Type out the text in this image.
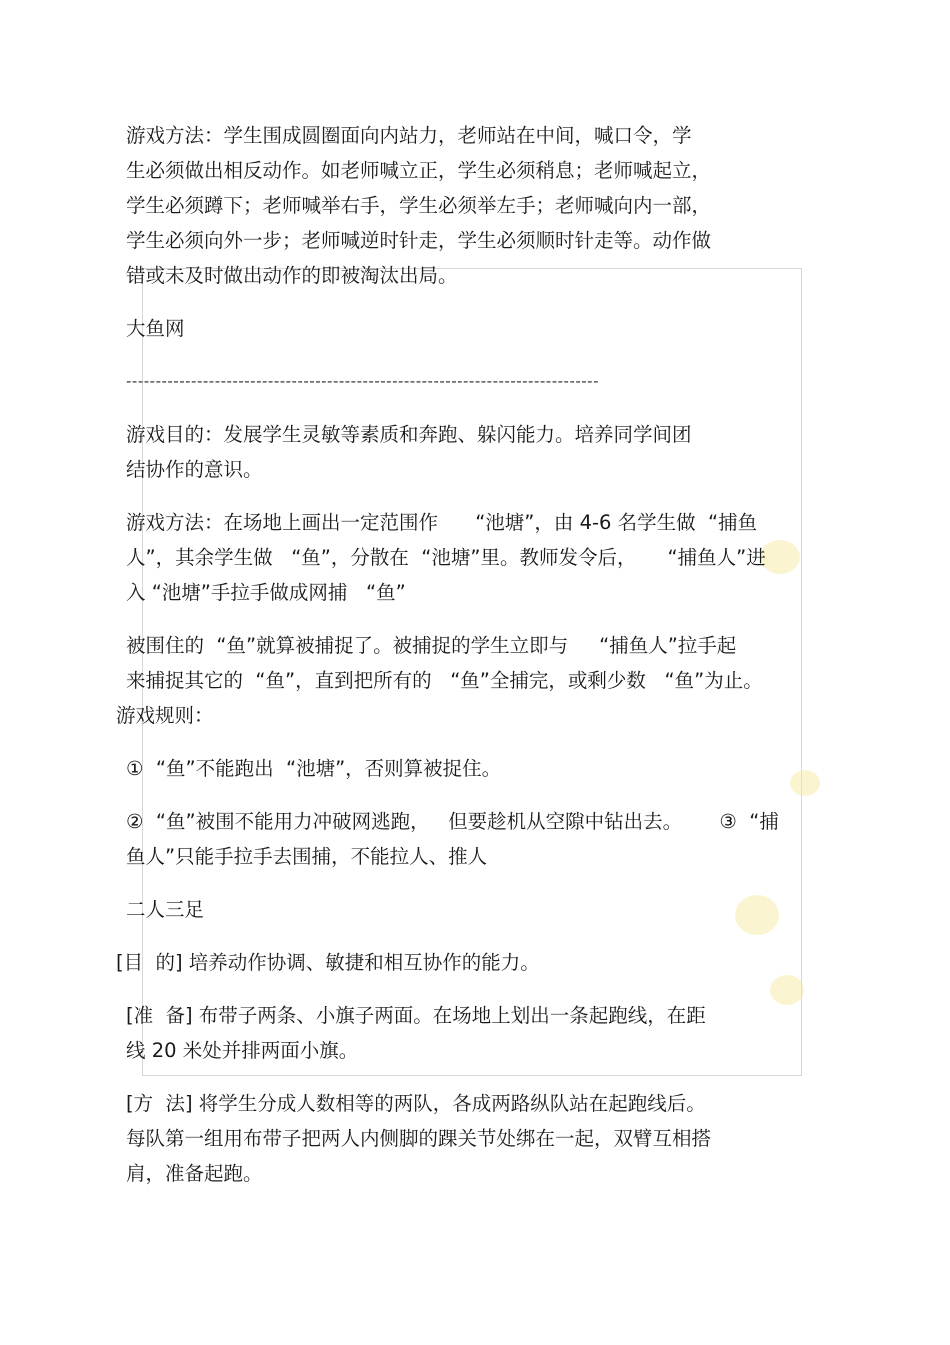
游戏方法：学生围成圆圈面向内站力，老师站在中间，喊口令，学
生必须做出相反动作。如老师喊立正，学生必须稍息；老师喊起立，
学生必须蹲下；老师喊举右手，学生必须举左手；老师喊向内一部，
学生必须向外一步；老师喊逆时针走，学生必须顺时针走等。动作做
错或未及时做出动作的即被淘汰出局。

大鱼网

--------------------------------------------------------------------------------

游戏目的：发展学生灵敏等素质和奔跑、躲闪能力。培养同学间团
结协作的意识。

游戏方法：在场地上画出一定范围作      “池塘”，由 4-6 名学生做  “捕鱼
人”，其余学生做   “鱼”，分散在  “池塘”里。教师发令后，     “捕鱼人”进
入 “池塘”手拉手做成网捕   “鱼”

被围住的  “鱼”就算被捕捉了。被捕捉的学生立即与     “捕鱼人”拉手起
来捕捉其它的  “鱼”，直到把所有的   “鱼”全捕完，或剩少数   “鱼”为止。

游戏规则：

①  “鱼”不能跑出  “池塘”，否则算被捉住。

②  “鱼”被围不能用力冲破网逃跑，   但要趁机从空隙中钻出去。      ③  “捕
鱼人”只能手拉手去围捕，不能拉人、推人

二人三足

[目  的] 培养动作协调、敏捷和相互协作的能力。

[准  备] 布带子两条、小旗子两面。在场地上划出一条起跑线，在距
线 20 米处并排两面小旗。

[方  法] 将学生分成人数相等的两队，各成两路纵队站在起跑线后。
每队第一组用布带子把两人内侧脚的踝关节处绑在一起，双臂互相搭
肩，准备起跑。
